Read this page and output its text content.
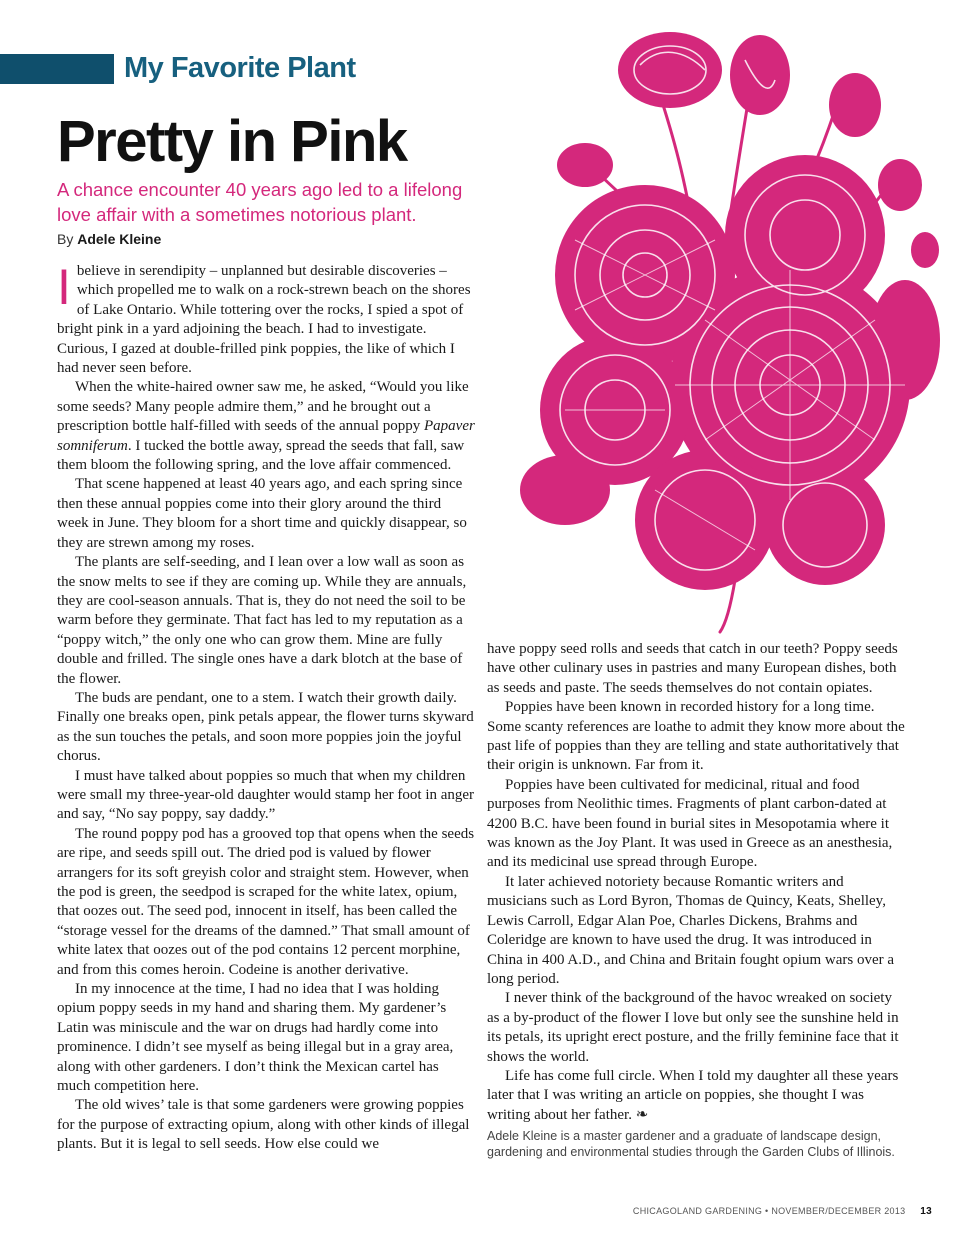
My Favorite Plant
Pretty in Pink
A chance encounter 40 years ago led to a lifelong love affair with a sometimes notorious plant.
By Adele Kleine

Ibelieve in serendipity – unplanned but desirable discoveries – which propelled me to walk on a rock-strewn beach on the shores of Lake Ontario. While tottering over the rocks, I spied a spot of bright pink in a yard adjoining the beach. I had to investigate. Curious, I gazed at double-frilled pink poppies, the like of which I had never seen before.

When the white-haired owner saw me, he asked, “Would you like some seeds? Many people admire them,” and he brought out a prescription bottle half-filled with seeds of the annual poppy Papaver somniferum. I tucked the bottle away, spread the seeds that fall, saw them bloom the following spring, and the love affair commenced.

That scene happened at least 40 years ago, and each spring since then these annual poppies come into their glory around the third week in June. They bloom for a short time and quickly disappear, so they are strewn among my roses.

The plants are self-seeding, and I lean over a low wall as soon as the snow melts to see if they are coming up. While they are annuals, they are cool-season annuals. That is, they do not need the soil to be warm before they germinate. That fact has led to my reputation as a “poppy witch,” the only one who can grow them. Mine are fully double and frilled. The single ones have a dark blotch at the base of the flower.

The buds are pendant, one to a stem. I watch their growth daily. Finally one breaks open, pink petals appear, the flower turns skyward as the sun touches the petals, and soon more poppies join the joyful chorus.

I must have talked about poppies so much that when my children were small my three-year-old daughter would stamp her foot in anger and say, “No say poppy, say daddy.”

The round poppy pod has a grooved top that opens when the seeds are ripe, and seeds spill out. The dried pod is valued by flower arrangers for its soft greyish color and straight stem. However, when the pod is green, the seedpod is scraped for the white latex, opium, that oozes out. The seed pod, innocent in itself, has been called the “storage vessel for the dreams of the damned.” That small amount of white latex that oozes out of the pod contains 12 percent morphine, and from this comes heroin. Codeine is another derivative.

In my innocence at the time, I had no idea that I was holding opium poppy seeds in my hand and sharing them. My gardener’s Latin was miniscule and the war on drugs had hardly come into prominence. I didn’t see myself as being illegal but in a gray area, along with other gardeners. I don’t think the Mexican cartel has much competition here.

The old wives’ tale is that some gardeners were growing poppies for the purpose of extracting opium, along with other kinds of illegal plants. But it is legal to sell seeds. How else could we

have poppy seed rolls and seeds that catch in our teeth? Poppy seeds have other culinary uses in pastries and many European dishes, both as seeds and paste. The seeds themselves do not contain opiates.

Poppies have been known in recorded history for a long time. Some scanty references are loathe to admit they know more about the past life of poppies than they are telling and state authoritatively that their origin is unknown. Far from it.

Poppies have been cultivated for medicinal, ritual and food purposes from Neolithic times. Fragments of plant carbon-dated at 4200 B.C. have been found in burial sites in Mesopotamia where it was known as the Joy Plant. It was used in Greece as an anesthesia, and its medicinal use spread through Europe.

It later achieved notoriety because Romantic writers and musicians such as Lord Byron, Thomas de Quincy, Keats, Shelley, Lewis Carroll, Edgar Alan Poe, Charles Dickens, Brahms and Coleridge are known to have used the drug. It was introduced in China in 400 A.D., and China and Britain fought opium wars over a long period.

I never think of the background of the havoc wreaked on society as a by-product of the flower I love but only see the sunshine held in its petals, its upright erect posture, and the frilly feminine face that it shows the world.

Life has come full circle. When I told my daughter all these years later that I was writing an article on poppies, she thought I was writing about her father. ❧

Adele Kleine is a master gardener and a graduate of landscape design, gardening and environmental studies through the Garden Clubs of Illinois.
CHICAGOLAND GARDENING • NOVEMBER/DECEMBER 2013 13
